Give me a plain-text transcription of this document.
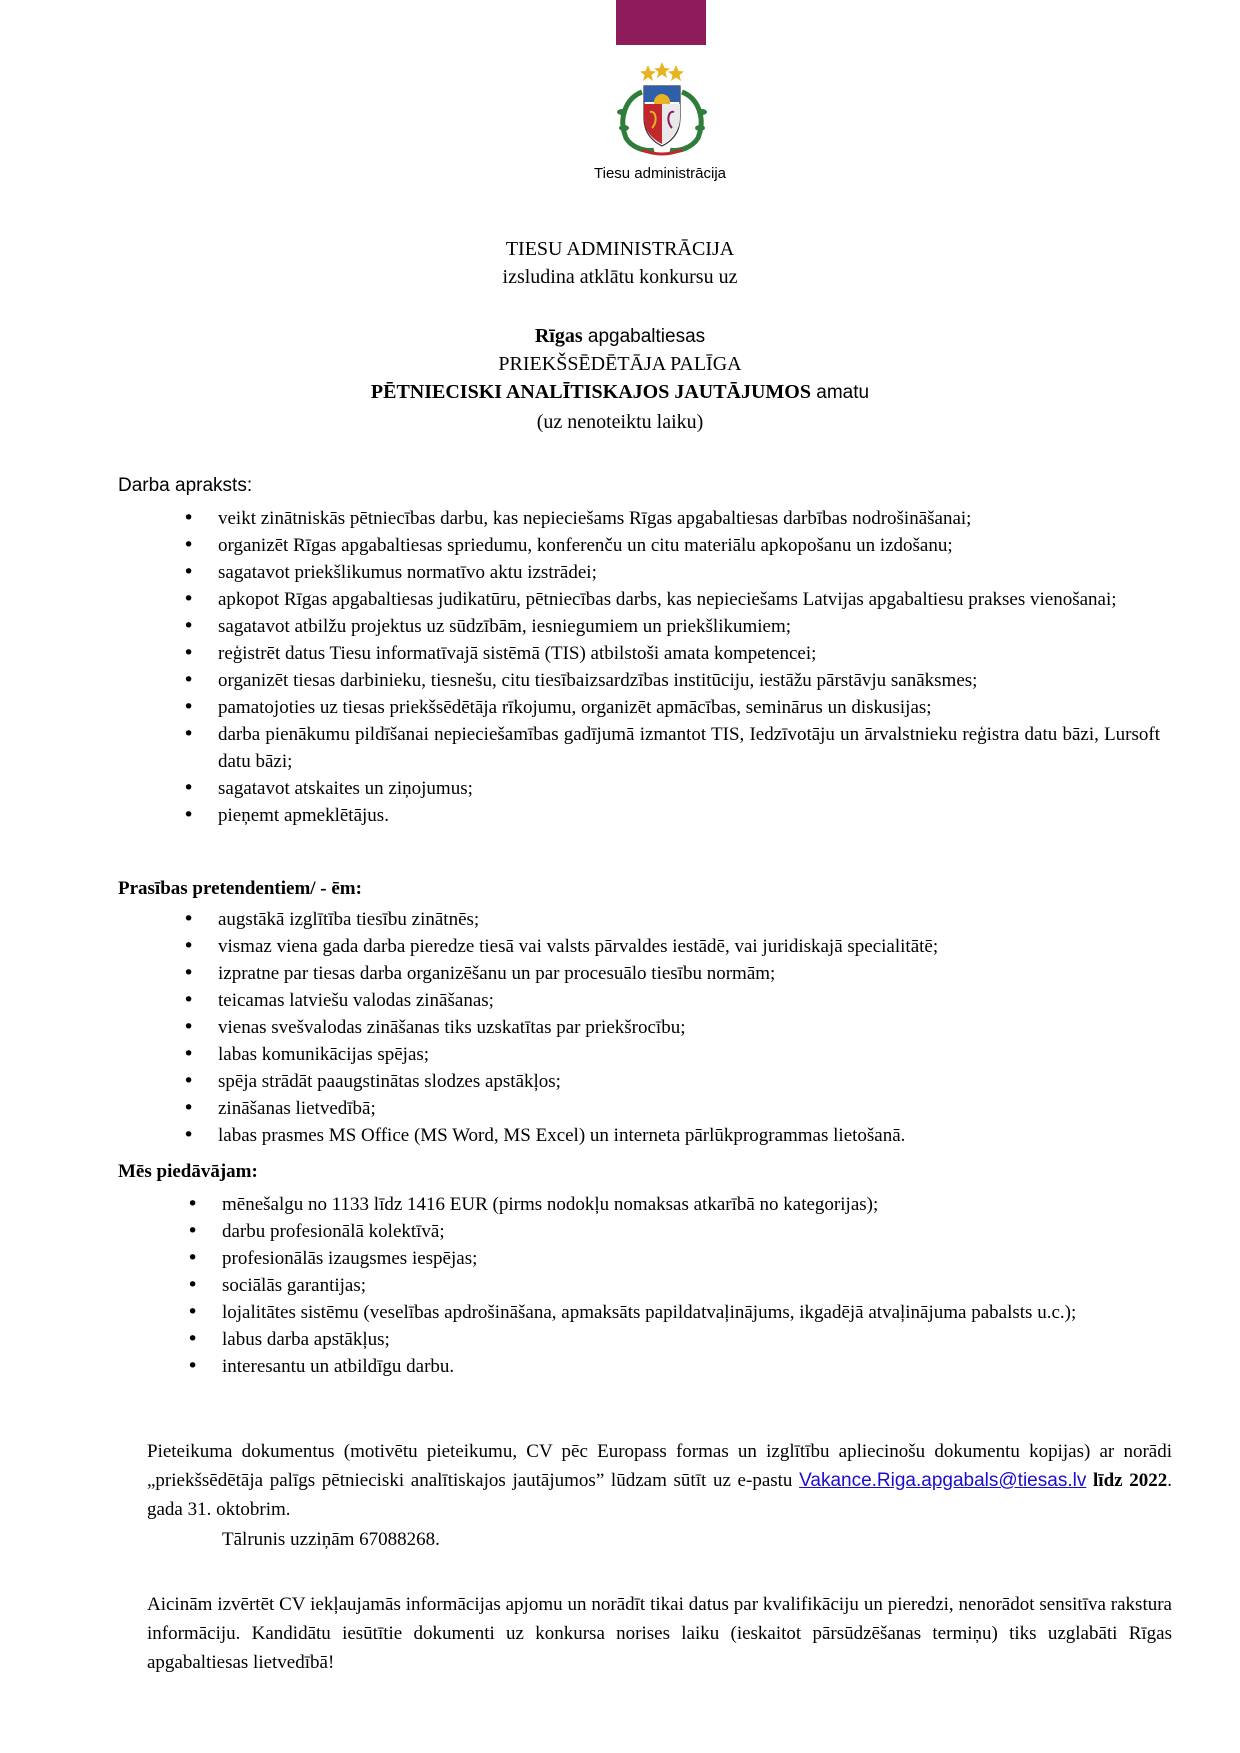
Tiesu administrācija
TIESU ADMINISTRĀCIJA
izsludina atklātu konkursu uz
Rīgas apgabaltiesas
PRIEKŠSĒDĒTĀJA PALĪGA
PĒTNIECISKI ANALĪTISKAJOS JAUTĀJUMOS amatu
(uz nenoteiktu laiku)
Darba apraksts:
• veikt zinātniskās pētniecības darbu, kas nepieciešams Rīgas apgabaltiesas darbības nodrošināšanai;
• organizēt Rīgas apgabaltiesas spriedumu, konferenču un citu materiālu apkopošanu un izdošanu;
• sagatavot priekšlikumus normatīvo aktu izstrādei;
• apkopot Rīgas apgabaltiesas judikatūru, pētniecības darbs, kas nepieciešams Latvijas apgabaltiesu prakses vienošanai;
• sagatavot atbilžu projektus uz sūdzībām, iesniegumiem un priekšlikumiem;
• reģistrēt datus Tiesu informatīvajā sistēmā (TIS) atbilstoši amata kompetencei;
• organizēt tiesas darbinieku, tiesnešu, citu tiesībaizsardzības institūciju, iestāžu pārstāvju sanāksmes;
• pamatojoties uz tiesas priekšsēdētāja rīkojumu, organizēt apmācības, seminārus un diskusijas;
• darba pienākumu pildīšanai nepieciešamības gadījumā izmantot TIS, Iedzīvotāju un ārvalstnieku reģistra datu bāzi, Lursoft datu bāzi;
• sagatavot atskaites un ziņojumus;
• pieņemt apmeklētājus.
Prasības pretendentiem/ - ēm:
• augstākā izglītība tiesību zinātnēs;
• vismaz viena gada darba pieredze tiesā vai valsts pārvaldes iestādē, vai juridiskajā specialitātē;
• izpratne par tiesas darba organizēšanu un par procesuālo tiesību normām;
• teicamas latviešu valodas zināšanas;
• vienas svešvalodas zināšanas tiks uzskatītas par priekšrocību;
• labas komunikācijas spējas;
• spēja strādāt paaugstinātas slodzes apstākļos;
• zināšanas lietvedībā;
• labas prasmes MS Office (MS Word, MS Excel) un interneta pārlūkprogrammas lietošanā.
Mēs piedāvājam:
• mēnešalgu no 1133 līdz 1416 EUR (pirms nodokļu nomaksas atkarībā no kategorijas);
• darbu profesionālā kolektīvā;
• profesionālās izaugsmes iespējas;
• sociālās garantijas;
• lojalitātes sistēmu (veselības apdrošināšana, apmaksāts papildatvaļinājums, ikgadējā atvaļinājuma pabalsts u.c.);
• labus darba apstākļus;
• interesantu un atbildīgu darbu.
Pieteikuma dokumentus (motivētu pieteikumu, CV pēc Europass formas un izglītību apliecinošu dokumentu kopijas) ar norādi „priekšsēdētāja palīgs pētnieciski analītiskajos jautājumos” lūdzam sūtīt uz e-pastu Vakance.Riga.apgabals@tiesas.lv līdz 2022. gada 31. oktobrim.
Tālrunis uzziņām 67088268.
Aicinām izvērtēt CV iekļaujamās informācijas apjomu un norādīt tikai datus par kvalifikāciju un pieredzi, nenorādot sensitīva rakstura informāciju. Kandidātu iesūtītie dokumenti uz konkursa norises laiku (ieskaitot pārsūdzēšanas termiņu) tiks uzglabāti Rīgas apgabaltiesas lietvedībā!
